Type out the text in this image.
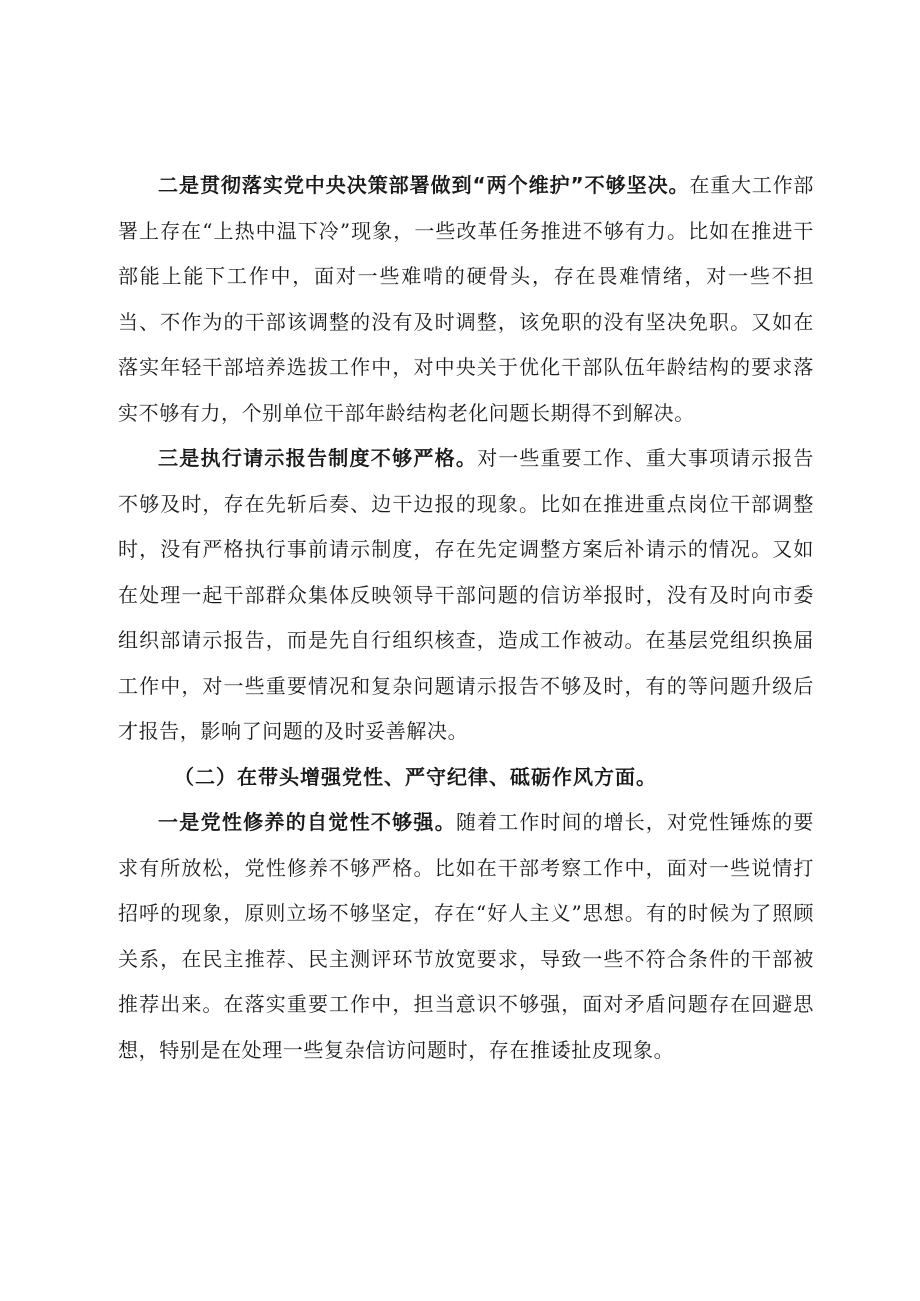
二是贯彻落实党中央决策部署做到“两个维护”不够坚决。在重大工作部署上存在“上热中温下冷”现象，一些改革任务推进不够有力。比如在推进干部能上能下工作中，面对一些难啃的硬骨头，存在畏难情绪，对一些不担当、不作为的干部该调整的没有及时调整，该免职的没有坚决免职。又如在落实年轻干部培养选拔工作中，对中央关于优化干部队伍年龄结构的要求落实不够有力，个别单位干部年龄结构老化问题长期得不到解决。

三是执行请示报告制度不够严格。对一些重要工作、重大事项请示报告不够及时，存在先斩后奏、边干边报的现象。比如在推进重点岗位干部调整时，没有严格执行事前请示制度，存在先定调整方案后补请示的情况。又如在处理一起干部群众集体反映领导干部问题的信访举报时，没有及时向市委组织部请示报告，而是先自行组织核查，造成工作被动。在基层党组织换届工作中，对一些重要情况和复杂问题请示报告不够及时，有的等问题升级后才报告，影响了问题的及时妥善解决。

（二）在带头增强党性、严守纪律、砥砺作风方面。

一是党性修养的自觉性不够强。随着工作时间的增长，对党性锤炼的要求有所放松，党性修养不够严格。比如在干部考察工作中，面对一些说情打招呼的现象，原则立场不够坚定，存在“好人主义”思想。有的时候为了照顾关系，在民主推荐、民主测评环节放宽要求，导致一些不符合条件的干部被推荐出来。在落实重要工作中，担当意识不够强，面对矛盾问题存在回避思想，特别是在处理一些复杂信访问题时，存在推诿扯皮现象。
